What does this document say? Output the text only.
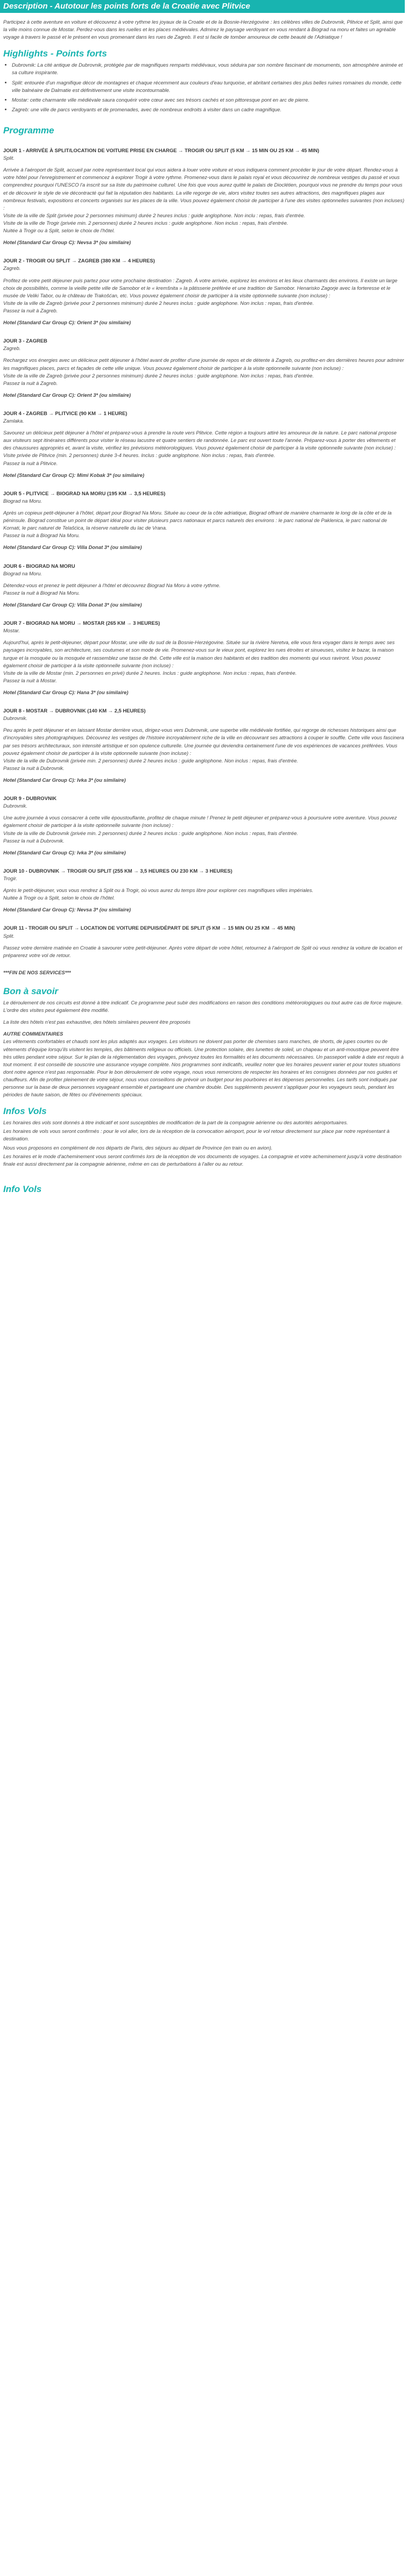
Description - Autotour les points forts de la Croatie avec Plitvice

Participez à cette aventure en voiture et découvrez à votre rythme les joyaux de la Croatie et de la Bosnie-Herzégovine : les célèbres villes de Dubrovnik, Plitvice et Split, ainsi que la ville moins connue de Mostar. Perdez-vous dans les ruelles et les places médiévales. Admirez le paysage verdoyant en vous rendant à Biograd na moru et faites un agréable voyage à travers le passé et le présent en vous promenant dans les rues de Zagreb. Il est si facile de tomber amoureux de cette beauté de l'Adriatique !

Highlights - Points forts
• Dubrovnik: La cité antique de Dubrovnik, protégée par de magnifiques remparts médiévaux, vous séduira par son nombre fascinant de monuments, son atmosphère animée et sa culture inspirante.
• Split: entourée d'un magnifique décor de montagnes et chaque récemment aux couleurs d'eau turquoise, et abritant certaines des plus belles ruines romaines du monde, cette ville balnéaire de Dalmatie est définitivement une visite incontournable.
• Mostar: cette charmante ville médiévale saura conquérir votre cœur avec ses trésors cachés et son pittoresque pont en arc de pierre.
• Zagreb: une ville de parcs verdoyants et de promenades, avec de nombreux endroits à visiter dans un cadre magnifique.
Programme
JOUR 1 - ARRIVÉE À SPLIT/LOCATION DE VOITURE PRISE EN CHARGE → TROGIR OU SPLIT (5 KM → 15 MIN OU 25 KM → 45 MIN)
Split.
Arrivée à l'aéroport de Split, accueil par notre représentant local qui vous aidera à louer votre voiture et vous indiquera comment procéder le jour de votre départ. Rendez-vous à votre hôtel pour l'enregistrement et commencez à explorer Trogir à votre rythme. Promenez-vous dans le palais royal et vous découvrirez de nombreux vestiges du passé et vous comprendrez pourquoi l'UNESCO l'a inscrit sur sa liste du patrimoine culturel. Une fois que vous aurez quitté le palais de Dioclétien, pourquoi vous ne prendre du temps pour vous et de découvrir le style de vie décontracté qui fait la réputation des habitants. La ville regorge de vie, alors visitez toutes ses autres attractions, des magnifiques plages aux nombreux festivals, expositions et concerts organisés sur les places de la ville. Vous pouvez également choisir de participer à l'une des visites optionnelles suivantes (non incluses) :
Visite de la ville de Split (privée pour 2 personnes minimum) durée 2 heures inclus : guide anglophone. Non inclu : repas, frais d'entrée.
Visite de la ville de Trogir (privée min. 2 personnes) durée 2 heures inclus : guide anglophone. Non inclus : repas, frais d'entrée.
Nuitée à Trogir ou à Split, selon le choix de l'hôtel.
Hotel (Standard Car Group C): Nevsa 3* (ou similaire)
JOUR 2 - TROGIR OU SPLIT → ZAGREB (380 KM → 4 HEURES)
Zagreb.
Profitez de votre petit déjeuner puis partez pour votre prochaine destination : Zagreb. À votre arrivée, explorez les environs et les lieux charmants des environs. Il existe un large choix de possibilités, comme la vieille petite ville de Samobor et le « kremšnita » la pâtisserie préférée et une tradition de Samobor. Henarisko Zagorje avec la forteresse et le musée de Veliki Tabor, ou le château de Trakošćan, etc. Vous pouvez également choisir de participer à la visite optionnelle suivante (non incluse) :
Visite de la ville de Zagreb (privée pour 2 personnes minimum) durée 2 heures inclus : guide anglophone. Non inclus : repas, frais d'entrée.
Passez la nuit à Zagreb.
Hotel (Standard Car Group C): Orient 3* (ou similaire)
JOUR 3 - ZAGREB
Zagreb.
Rechargez vos énergies avec un délicieux petit déjeuner à l'hôtel avant de profiter d'une journée de repos et de détente à Zagreb, ou profitez-en des dernières heures pour admirer les magnifiques places, parcs et façades de cette ville unique. Vous pouvez également choisir de participer à la visite optionnelle suivante (non incluse) :
Visite de la ville de Zagreb (privée pour 2 personnes minimum) durée 2 heures inclus : guide anglophone. Non inclus : repas, frais d'entrée.
Passez la nuit à Zagreb.
Hotel (Standard Car Group C): Orient 3* (ou similaire)
JOUR 4 - ZAGREB → PLITVICE (90 KM → 1 HEURE)
Zamlaka.
Savourez un délicieux petit déjeuner à l'hôtel et préparez-vous à prendre la route vers Plitvice. Cette région a toujours attiré les amoureux de la nature. Le parc national propose aux visiteurs sept itinéraires différents pour visiter le réseau lacustre et quatre sentiers de randonnée. Le parc est ouvert toute l'année. Préparez-vous à porter des vêtements et des chaussures appropriés et, avant la visite, vérifiez les prévisions météorologiques. Vous pouvez également choisir de participer à la visite optionnelle suivante (non incluse) :
Visite privée de Plitvice (min. 2 personnes) durée 3-4 heures. Inclus : guide anglophone. Non inclus : repas, frais d'entrée.
Passez la nuit à Plitvice.
Hotel (Standard Car Group C): Mimi Kobak 3* (ou similaire)
JOUR 5 - PLITVICE → BIOGRAD NA MORU (195 KM → 3,5 HEURES)
Biograd na Moru.
Après un copieux petit-déjeuner à l'hôtel, départ pour Biograd Na Moru. Située au coeur de la côte adriatique, Biograd offrant de manière charmante le long de la côte et de la péninsule. Biograd constitue un point de départ idéal pour visiter plusieurs parcs nationaux et parcs naturels des environs : le parc national de Paklenica, le parc national de Kornati, le parc naturel de Telašćica, la réserve naturelle du lac de Vrana.
Passez la nuit à Biograd Na Moru.
Hotel (Standard Car Group C): Villa Donat 3* (ou similaire)
JOUR 6 - BIOGRAD NA MORU
Biograd na Moru.
Détendez-vous et prenez le petit déjeuner à l'hôtel et découvrez Biograd Na Moru à votre rythme.
Passez la nuit à Biograd Na Moru.
Hotel (Standard Car Group C): Villa Donat 3* (ou similaire)
JOUR 7 - BIOGRAD NA MORU → MOSTAR (265 KM → 3 HEURES)
Mostar.
Aujourd'hui, après le petit-déjeuner, départ pour Mostar, une ville du sud de la Bosnie-Herzégovine. Située sur la rivière Neretva, elle vous fera voyager dans le temps avec ses paysages incroyables, son architecture, ses coutumes et son mode de vie. Promenez-vous sur le vieux pont, explorez les rues étroites et sinueuses, visitez le bazar, la maison turque et la mosquée ou la mosquée et rassemblez une tasse de thé. Cette ville est la maison des habitants et des tradition des moments qui vous raviront. Vous pouvez également choisir de participer à la visite optionnelle suivante (non incluse) :
Visite de la ville de Mostar (min. 2 personnes en privé) durée 2 heures. Inclus : guide anglophone. Non inclus : repas, frais d'entrée.
Passez la nuit à Mostar.
Hotel (Standard Car Group C): Hana 3* (ou similaire)
JOUR 8 - MOSTAR → DUBROVNIK (140 KM → 2,5 HEURES)
Dubrovnik.
Peu après le petit déjeuner et en laissant Mostar derrière vous, dirigez-vous vers Dubrovnik, une superbe ville médiévale fortifiée, qui regorge de richesses historiques ainsi que d'incroyables sites photographiques. Découvrez les vestiges de l'histoire incroyablement riche de la ville en découvrant ses attractions à couper le souffle. Cette ville vous fascinera par ses trésors architecturaux, son intensité artistique et son opulence culturelle. Une journée qui deviendra certainement l'une de vos expériences de vacances préférées. Vous pouvez également choisir de participer à la visite optionnelle suivante (non incluse) :
Visite de la ville de Dubrovnik (privée min. 2 personnes) durée 2 heures inclus : guide anglophone. Non inclus : repas, frais d'entrée.
Passez la nuit à Dubrovnik.
Hotel (Standard Car Group C): Ivka 3* (ou similaire)
JOUR 9 - DUBROVNIK
Dubrovnik.
Une autre journée à vous consacrer à cette ville époustouflante, profitez de chaque minute ! Prenez le petit déjeuner et préparez-vous à poursuivre votre aventure. Vous pouvez également choisir de participer à la visite optionnelle suivante (non incluse) :
Visite de la ville de Dubrovnik (privée min. 2 personnes) durée 2 heures inclus : guide anglophone. Non inclus : repas, frais d'entrée.
Passez la nuit à Dubrovnik.
Hotel (Standard Car Group C): Ivka 3* (ou similaire)
JOUR 10 - DUBROVNIK → TROGIR OU SPLIT (255 KM → 3,5 HEURES OU 230 KM → 3 HEURES)
Trogir.
Après le petit-déjeuner, vous vous rendrez à Split ou à Trogir, où vous aurez du temps libre pour explorer ces magnifiques villes impériales.
Nuitée à Trogir ou à Split, selon le choix de l'hôtel.
Hotel (Standard Car Group C): Nevsa 3* (ou similaire)
JOUR 11 - TROGIR OU SPLIT → LOCATION DE VOITURE DEPUIS/DÉPART DE SPLIT (5 KM → 15 MIN OU 25 KM → 45 MIN)
Split.
Passez votre dernière matinée en Croatie à savourer votre petit-déjeuner. Après votre départ de votre hôtel, retournez à l'aéroport de Split où vous rendrez la voiture de location et préparerez votre vol de retour.
***FIN DE NOS SERVICES***
Bon à savoir

Le déroulement de nos circuits est donné à titre indicatif. Ce programme peut subir des modifications en raison des conditions météorologiques ou tout autre cas de force majeure. L'ordre des visites peut également être modifié.

La liste des hôtels n'est pas exhaustive, des hôtels similaires peuvent être proposés

AUTRE COMMENTAIRES

Les vêtements confortables et chauds sont les plus adaptés aux voyages. Les visiteurs ne doivent pas porter de chemises sans manches, de shorts, de jupes courtes ou de vêtements d'équipe lorsqu'ils visitent les temples, des bâtiments religieux ou officiels. Une protection solaire, des lunettes de soleil, un chapeau et un anti-moustique peuvent être très utiles pendant votre séjour. Sur le plan de la réglementation des voyages, prévoyez toutes les formalités et les documents nécessaires. Un passeport valide à date est requis à tout moment. Il est conseillé de souscrire une assurance voyage complète. Nos programmes sont indicatifs, veuillez noter que les horaires peuvent varier et pour toutes situations dont notre agence n'est pas responsable. Pour le bon déroulement de votre voyage, nous vous remercions de respecter les horaires et les consignes données par nos guides et chauffeurs. Afin de profiter pleinement de votre séjour, nous vous conseillons de prévoir un budget pour les pourboires et les dépenses personnelles. Les tarifs sont indiqués par personne sur la base de deux personnes voyageant ensemble et partageant une chambre double. Des suppléments peuvent s'appliquer pour les voyageurs seuls, pendant les périodes de haute saison, de fêtes ou d'événements spéciaux.

Infos Vols

Les horaires des vols sont donnés à titre indicatif et sont susceptibles de modification de la part de la compagnie aérienne ou des autorités aéroportuaires.

Les horaires de vols vous seront confirmés : pour le vol aller, lors de la réception de la convocation aéroport, pour le vol retour directement sur place par notre représentant à destination.

Nous vous proposons en complément de nos départs de Paris, des séjours au départ de Province (en train ou en avion).

Les horaires et le mode d'acheminement vous seront confirmés lors de la réception de vos documents de voyages. La compagnie et votre acheminement jusqu'à votre destination finale est aussi directement par la compagnie aérienne, même en cas de perturbations à l'aller ou au retour.

Info Vols
